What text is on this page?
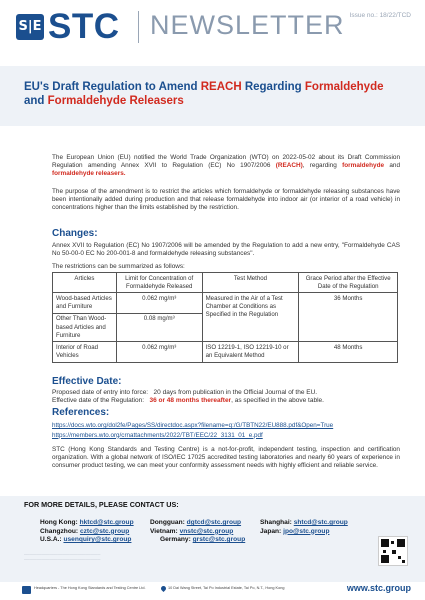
S|E STC NEWSLETTER Issue no.: 18/22/TCD
EU's Draft Regulation to Amend REACH Regarding Formaldehyde and Formaldehyde Releasers
The European Union (EU) notified the World Trade Organization (WTO) on 2022-05-02 about its Draft Commission Regulation amending Annex XVII to Regulation (EC) No 1907/2006 (REACH), regarding formaldehyde and formaldehyde releasers.
The purpose of the amendment is to restrict the articles which formaldehyde or formaldehyde releasing substances have been intentionally added during production and that release formaldehyde into indoor air (or interior of a road vehicle) in concentrations higher than the limits established by the restriction.
Changes:
Annex XVII to Regulation (EC) No 1907/2006 will be amended by the Regulation to add a new entry, "Formaldehyde CAS No 50-00-0 EC No 200-001-8 and formaldehyde releasing substances".
The restrictions can be summarized as follows:
Articles	Limit for Concentration of Formaldehyde Released	Test Method	Grace Period after the Effective Date of the Regulation
Wood-based Articles and Furniture	0.062 mg/m³	Measured in the Air of a Test Chamber at Conditions as Specified in the Regulation	36 Months
Other Than Wood-based Articles and Furniture	0.08 mg/m³		
Interior of Road Vehicles	0.062 mg/m³	ISO 12219-1, ISO 12219-10 or an Equivalent Method	48 Months
Effective Date:
Proposed date of entry into force: 20 days from publication in the Official Journal of the EU.
Effective date of the Regulation: 36 or 48 months thereafter, as specified in the above table.
References:
https://docs.wto.org/dol2fe/Pages/SS/directdoc.aspx?filename=q:/G/TBTN22/EU888.pdf&Open=True
https://members.wto.org/crnattachments/2022/TBT/EEC/22_3131_01_e.pdf
STC (Hong Kong Standards and Testing Centre) is a not-for-profit, independent testing, inspection and certification organization. With a global network of ISO/IEC 17025 accredited testing laboratories and nearly 60 years of experience in consumer product testing, we can meet your conformity assessment needs with highly efficient and reliable service.
FOR MORE DETAILS, PLEASE CONTACT US:
Hong Kong: hktcd@stc.group	Dongguan: dgtcd@stc.group	Shanghai: shtcd@stc.group
Changzhou: cztc@stc.group	Vietnam: vnstc@stc.group	Japan: jpo@stc.group
U.S.A.: usenquiry@stc.group	Germany: grstc@stc.group
──────────────────────────────
──────────────────────────────
Headquarters - The Hong Kong Standards and Testing Centre Ltd.	10 Dai Wang Street, Tai Po Industrial Estate, Tai Po, N.T., Hong Kong	www.stc.group
